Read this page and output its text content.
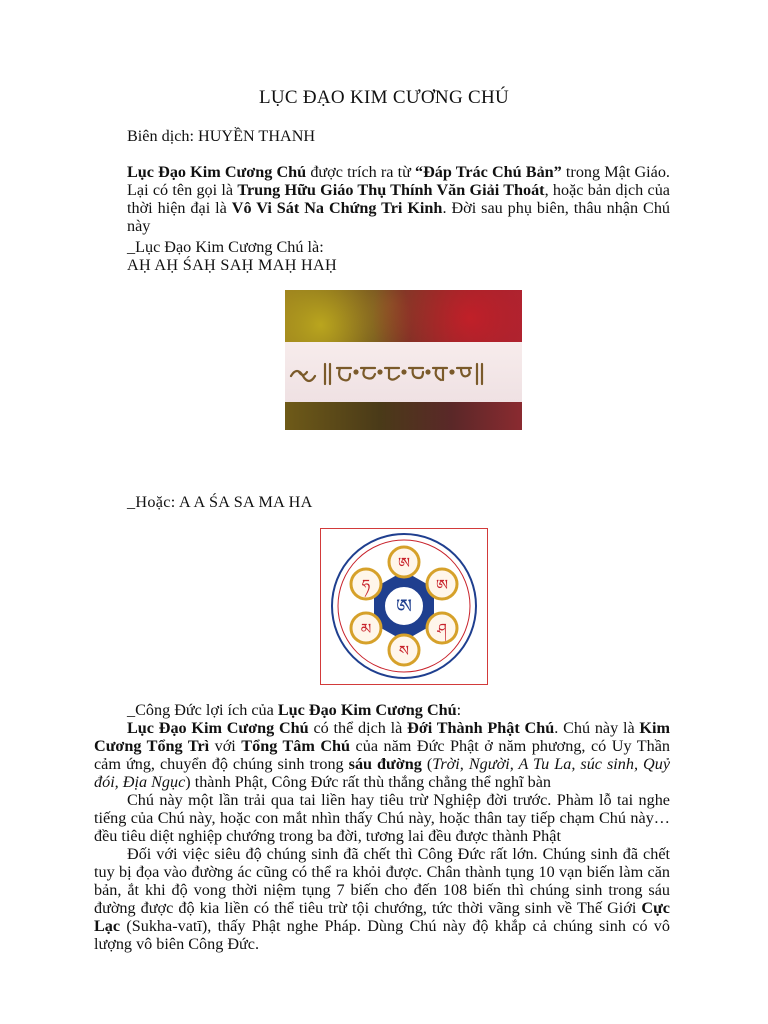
LỤC ĐẠO KIM CƯƠNG CHÚ
Biên dịch: HUYỀN THANH
Lục Đạo Kim Cương Chú được trích ra từ “Đáp Trác Chú Bản” trong Mật Giáo. Lại có tên gọi là Trung Hữu Giáo Thụ Thính Văn Giải Thoát, hoặc bản dịch của thời hiện đại là Vô Vi Sát Na Chứng Tri Kinh. Đời sau phụ biên, thâu nhận Chú này
_Lục Đạo Kim Cương Chú là:
AḤ AḤ ŚAḤ SAḤ MAḤ HAḤ
_Hoặc: A A ŚA SA MA HA
ཨ
ཨ
ཨ
ཤ
ས
མ
ཧ
_Công Đức lợi ích của Lục Đạo Kim Cương Chú:
Lục Đạo Kim Cương Chú có thể dịch là Đới Thành Phật Chú. Chú này là Kim Cương Tổng Trì với Tổng Tâm Chú của năm Đức Phật ở năm phương, có Uy Thần cảm ứng, chuyển độ chúng sinh trong sáu đường (Trời, Người, A Tu La, súc sinh, Quỷ đói, Địa Ngục) thành Phật, Công Đức rất thù thắng chẳng thể nghĩ bàn
Chú này một lần trải qua tai liền hay tiêu trừ Nghiệp đời trước. Phàm lỗ tai nghe tiếng của Chú này, hoặc con mắt nhìn thấy Chú này, hoặc thân tay tiếp chạm Chú này… đều tiêu diệt nghiệp chướng trong ba đời, tương lai đều được thành Phật
Đối với việc siêu độ chúng sinh đã chết thì Công Đức rất lớn. Chúng sinh đã chết tuy bị đọa vào đường ác cũng có thể ra khỏi được. Chân thành tụng 10 vạn biến làm căn bản, ắt khi độ vong thời niệm tụng 7 biến cho đến 108 biến thì chúng sinh trong sáu đường được độ kia liền có thể tiêu trừ tội chướng, tức thời vãng sinh về Thế Giới Cực Lạc (Sukha-vatī), thấy Phật nghe Pháp. Dùng Chú này độ khắp cả chúng sinh có vô lượng vô biên Công Đức.
